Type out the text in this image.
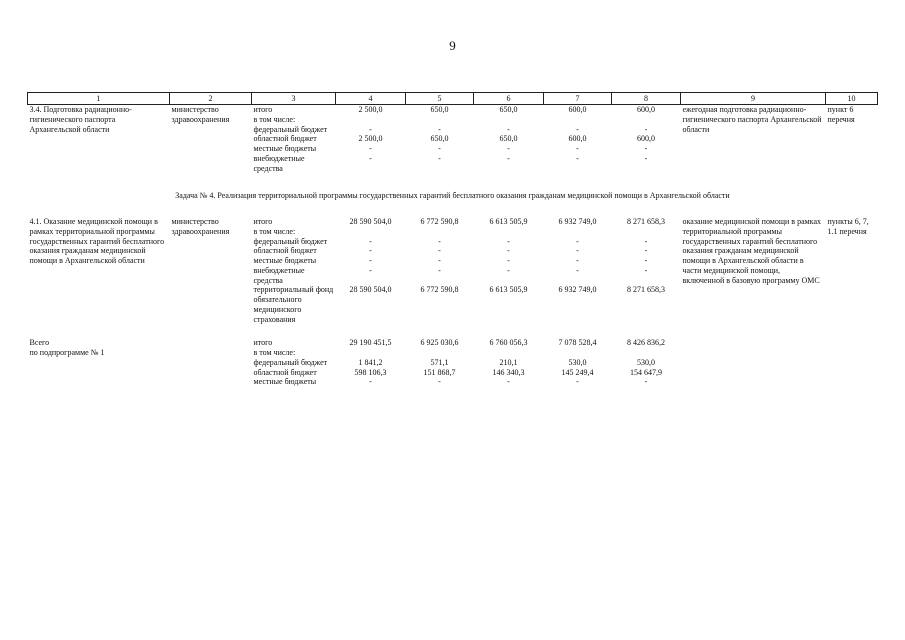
9
1	2	3	4	5	6	7	8	9	10
3.4. Подготовка радиационно-гигиенического паспорта Архангельской области	министерство здравоохранения	итого	2 500,0	650,0	650,0	600,0	600,0	ежегодная подготовка радиационно-гигиенического паспорта Архангельской области	пункт 6 перечня
		в том числе:							
		федеральный бюджет	-	-	-	-	-		
		областной бюджет	2 500,0	650,0	650,0	600,0	600,0		
		местные бюджеты	-	-	-	-	-		
		внебюджетные средства	-	-	-	-	-		
Задача № 4. Реализация территориальной программы государственных гарантий бесплатного оказания гражданам медицинской помощи в Архангельской области									
4.1. Оказание медицинской помощи в рамках территориальной программы государственных гарантий бесплатного оказания гражданам медицинской помощи в Архангельской области	министерство здравоохранения	итого	28 590 504,0	6 772 590,8	6 613 505,9	6 932 749,0	8 271 658,3	оказание медицинской помощи в рамках территориальной программы государственных гарантий бесплатного оказания гражданам медицинской помощи в Архангельской области в части медицинской помощи, включенной в базовую программу ОМС	пункты 6, 7, 1.1 перечня
		в том числе:							
		федеральный бюджет	-	-	-	-	-		
		областной бюджет	-	-	-	-	-		
		местные бюджеты	-	-	-	-	-		
		внебюджетные средства	-	-	-	-	-		
		территориальный фонд обязательного медицинского страхования	28 590 504,0	6 772 590,8	6 613 505,9	6 932 749,0	8 271 658,3		

Всего
по подпрограмме № 1		итого	29 190 451,5	6 925 030,6	6 760 056,3	7 078 528,4	8 426 836,2		
		в том числе:							
		федеральный бюджет	1 841,2	571,1	210,1	530,0	530,0		
		областной бюджет	598 106,3	151 868,7	146 340,3	145 249,4	154 647,9		
		местные бюджеты	-	-	-	-	-		
